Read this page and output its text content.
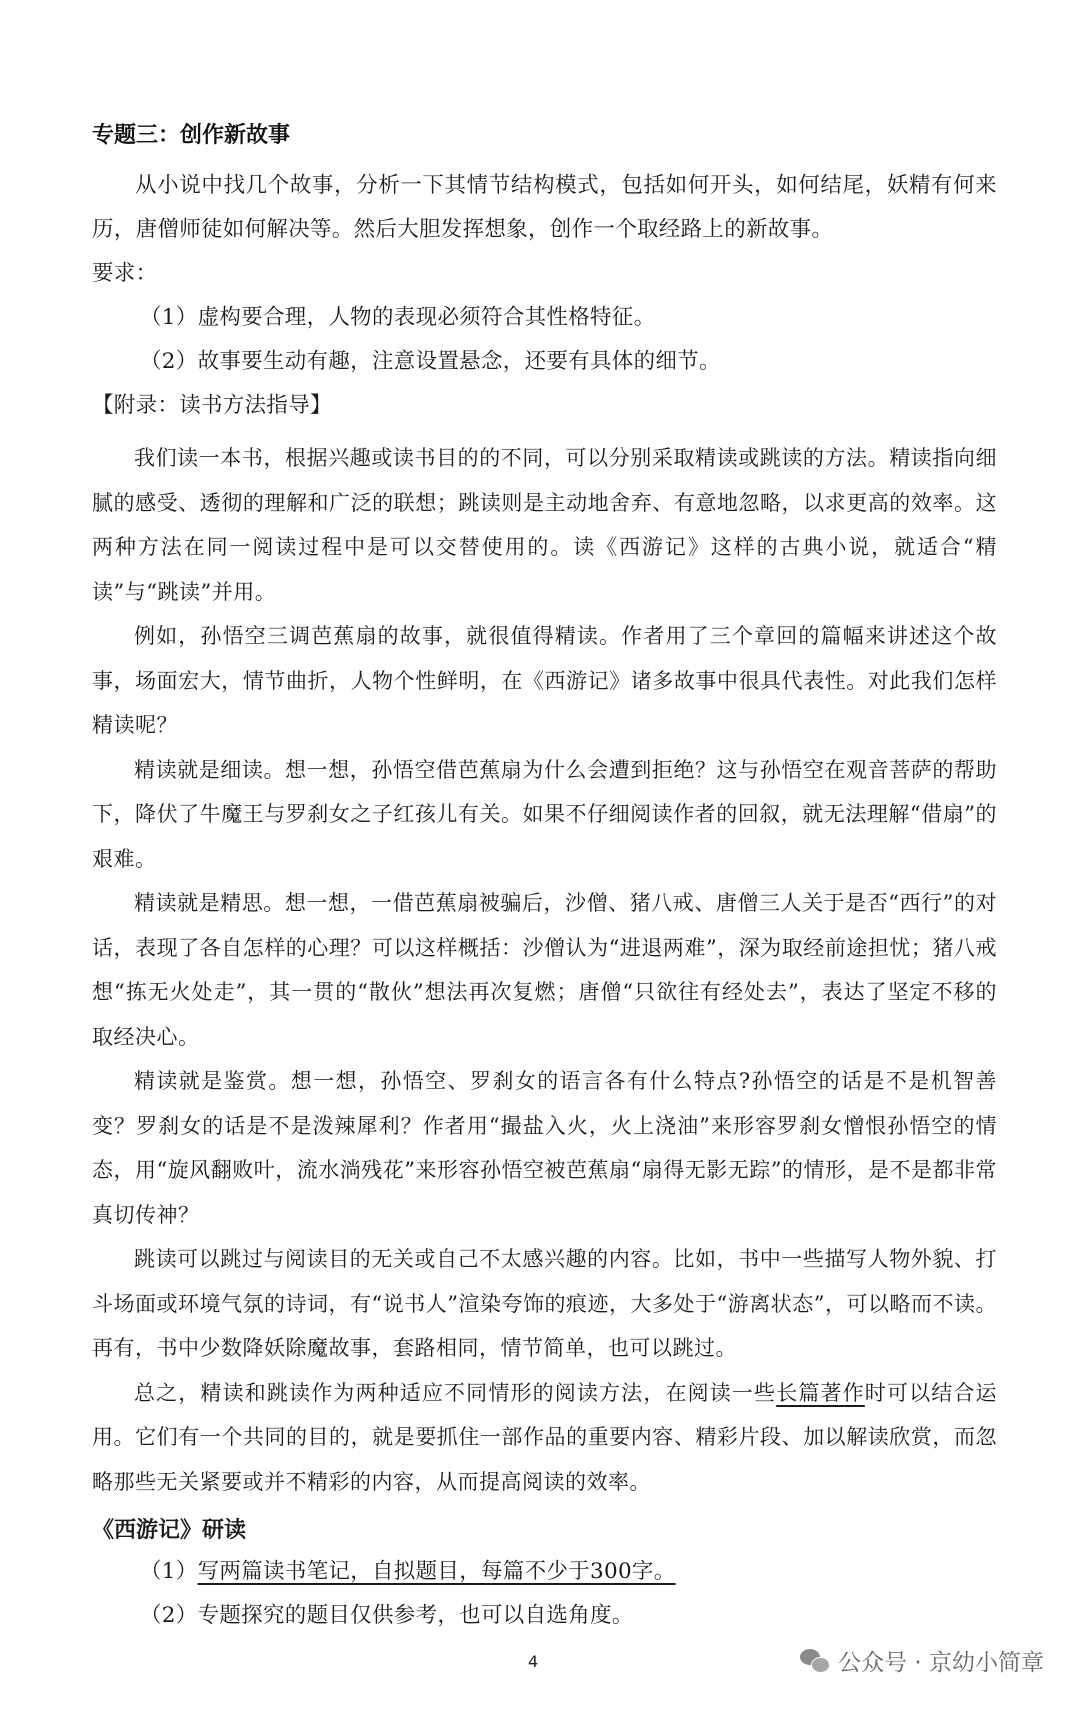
专题三：创作新故事

从小说中找几个故事，分析一下其情节结构模式，包括如何开头，如何结尾，妖精有何来历，唐僧师徒如何解决等。然后大胆发挥想象，创作一个取经路上的新故事。

要求：

（1）虚构要合理，人物的表现必须符合其性格特征。

（2）故事要生动有趣，注意设置悬念，还要有具体的细节。

【附录：读书方法指导】

我们读一本书，根据兴趣或读书目的的不同，可以分别采取精读或跳读的方法。精读指向细腻的感受、透彻的理解和广泛的联想；跳读则是主动地舍弃、有意地忽略，以求更高的效率。这两种方法在同一阅读过程中是可以交替使用的。读《西游记》这样的古典小说，就适合“精读”与“跳读”并用。

例如，孙悟空三调芭蕉扇的故事，就很值得精读。作者用了三个章回的篇幅来讲述这个故事，场面宏大，情节曲折，人物个性鲜明，在《西游记》诸多故事中很具代表性。对此我们怎样精读呢？

精读就是细读。想一想，孙悟空借芭蕉扇为什么会遭到拒绝？这与孙悟空在观音菩萨的帮助下，降伏了牛魔王与罗刹女之子红孩儿有关。如果不仔细阅读作者的回叙，就无法理解“借扇”的艰难。

精读就是精思。想一想，一借芭蕉扇被骗后，沙僧、猪八戒、唐僧三人关于是否“西行”的对话，表现了各自怎样的心理？可以这样概括：沙僧认为“进退两难”，深为取经前途担忧；猪八戒想“拣无火处走”，其一贯的“散伙”想法再次复燃；唐僧“只欲往有经处去”，表达了坚定不移的取经决心。

精读就是鉴赏。想一想，孙悟空、罗刹女的语言各有什么特点?孙悟空的话是不是机智善变？罗刹女的话是不是泼辣犀利？作者用“撮盐入火，火上浇油”来形容罗刹女憎恨孙悟空的情态，用“旋风翻败叶，流水淌残花”来形容孙悟空被芭蕉扇“扇得无影无踪”的情形，是不是都非常真切传神？

跳读可以跳过与阅读目的无关或自己不太感兴趣的内容。比如，书中一些描写人物外貌、打斗场面或环境气氛的诗词，有“说书人”渲染夸饰的痕迹，大多处于“游离状态”，可以略而不读。再有，书中少数降妖除魔故事，套路相同，情节简单，也可以跳过。

总之，精读和跳读作为两种适应不同情形的阅读方法，在阅读一些长篇著作时可以结合运用。它们有一个共同的目的，就是要抓住一部作品的重要内容、精彩片段、加以解读欣赏，而忽略那些无关紧要或并不精彩的内容，从而提高阅读的效率。

《西游记》研读

（1）写两篇读书笔记，自拟题目，每篇不少于300字。

（2）专题探究的题目仅供参考，也可以自选角度。

4	公众号 · 京幼小简章
